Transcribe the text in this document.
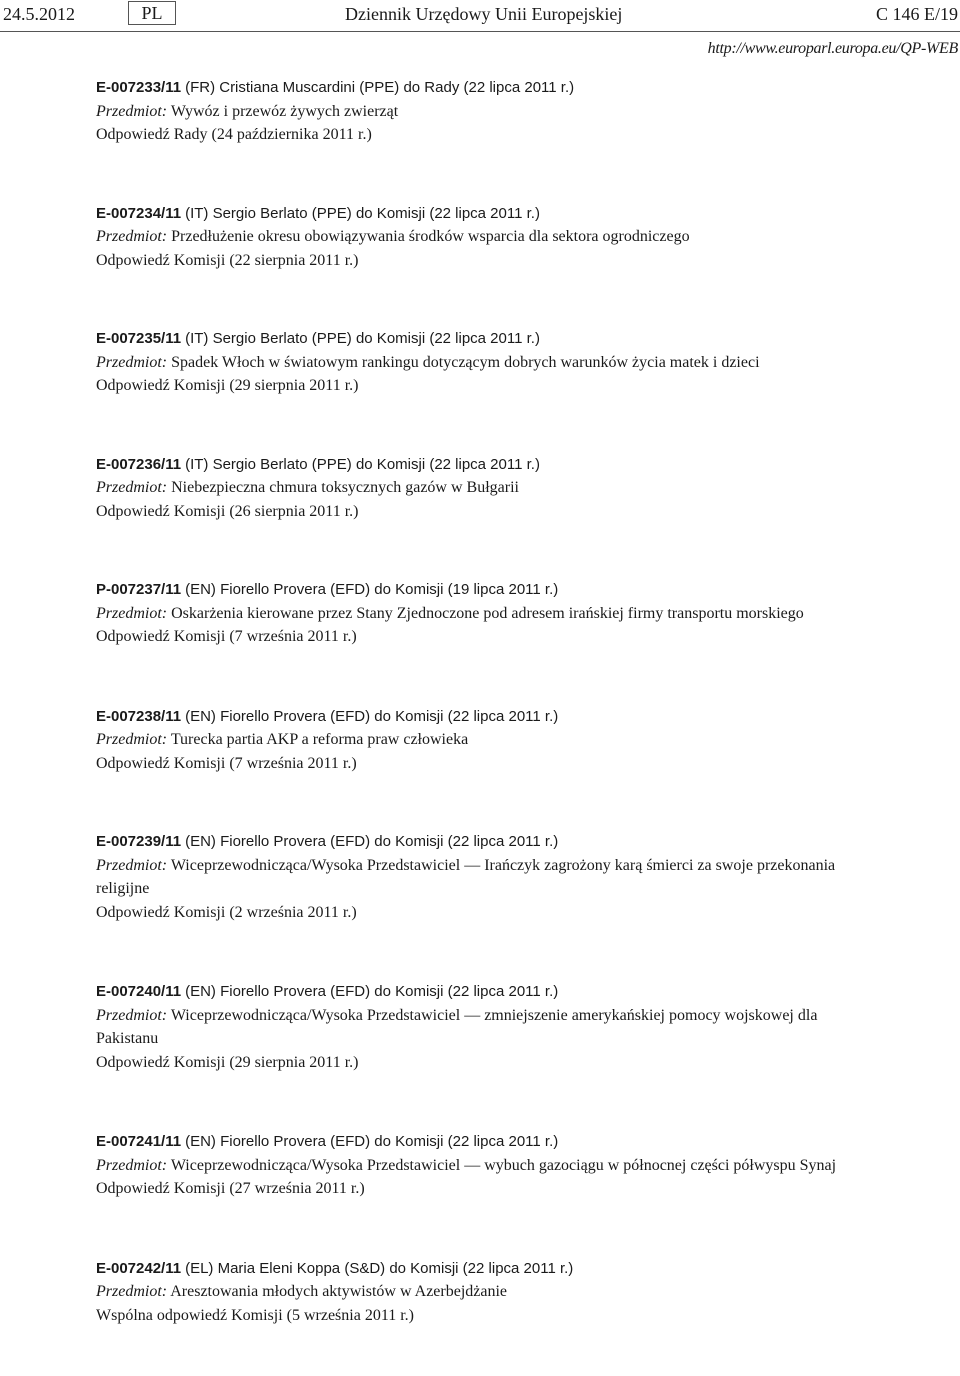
24.5.2012	PL	Dziennik Urzędowy Unii Europejskiej	C 146 E/19
http://www.europarl.europa.eu/QP-WEB
E-007233/11 (FR) Cristiana Muscardini (PPE) do Rady (22 lipca 2011 r.)
Przedmiot: Wywóz i przewóz żywych zwierząt
Odpowiedź Rady (24 października 2011 r.)
E-007234/11 (IT) Sergio Berlato (PPE) do Komisji (22 lipca 2011 r.)
Przedmiot: Przedłużenie okresu obowiązywania środków wsparcia dla sektora ogrodniczego
Odpowiedź Komisji (22 sierpnia 2011 r.)
E-007235/11 (IT) Sergio Berlato (PPE) do Komisji (22 lipca 2011 r.)
Przedmiot: Spadek Włoch w światowym rankingu dotyczącym dobrych warunków życia matek i dzieci
Odpowiedź Komisji (29 sierpnia 2011 r.)
E-007236/11 (IT) Sergio Berlato (PPE) do Komisji (22 lipca 2011 r.)
Przedmiot: Niebezpieczna chmura toksycznych gazów w Bułgarii
Odpowiedź Komisji (26 sierpnia 2011 r.)
P-007237/11 (EN) Fiorello Provera (EFD) do Komisji (19 lipca 2011 r.)
Przedmiot: Oskarżenia kierowane przez Stany Zjednoczone pod adresem irańskiej firmy transportu morskiego
Odpowiedź Komisji (7 września 2011 r.)
E-007238/11 (EN) Fiorello Provera (EFD) do Komisji (22 lipca 2011 r.)
Przedmiot: Turecka partia AKP a reforma praw człowieka
Odpowiedź Komisji (7 września 2011 r.)
E-007239/11 (EN) Fiorello Provera (EFD) do Komisji (22 lipca 2011 r.)
Przedmiot: Wiceprzewodnicząca/Wysoka Przedstawiciel — Irańczyk zagrożony karą śmierci za swoje przekonania religijne
Odpowiedź Komisji (2 września 2011 r.)
E-007240/11 (EN) Fiorello Provera (EFD) do Komisji (22 lipca 2011 r.)
Przedmiot: Wiceprzewodnicząca/Wysoka Przedstawiciel — zmniejszenie amerykańskiej pomocy wojskowej dla Pakistanu
Odpowiedź Komisji (29 sierpnia 2011 r.)
E-007241/11 (EN) Fiorello Provera (EFD) do Komisji (22 lipca 2011 r.)
Przedmiot: Wiceprzewodnicząca/Wysoka Przedstawiciel — wybuch gazociągu w północnej części półwyspu Synaj
Odpowiedź Komisji (27 września 2011 r.)
E-007242/11 (EL) Maria Eleni Koppa (S&D) do Komisji (22 lipca 2011 r.)
Przedmiot: Aresztowania młodych aktywistów w Azerbejdżanie
Wspólna odpowiedź Komisji (5 września 2011 r.)
